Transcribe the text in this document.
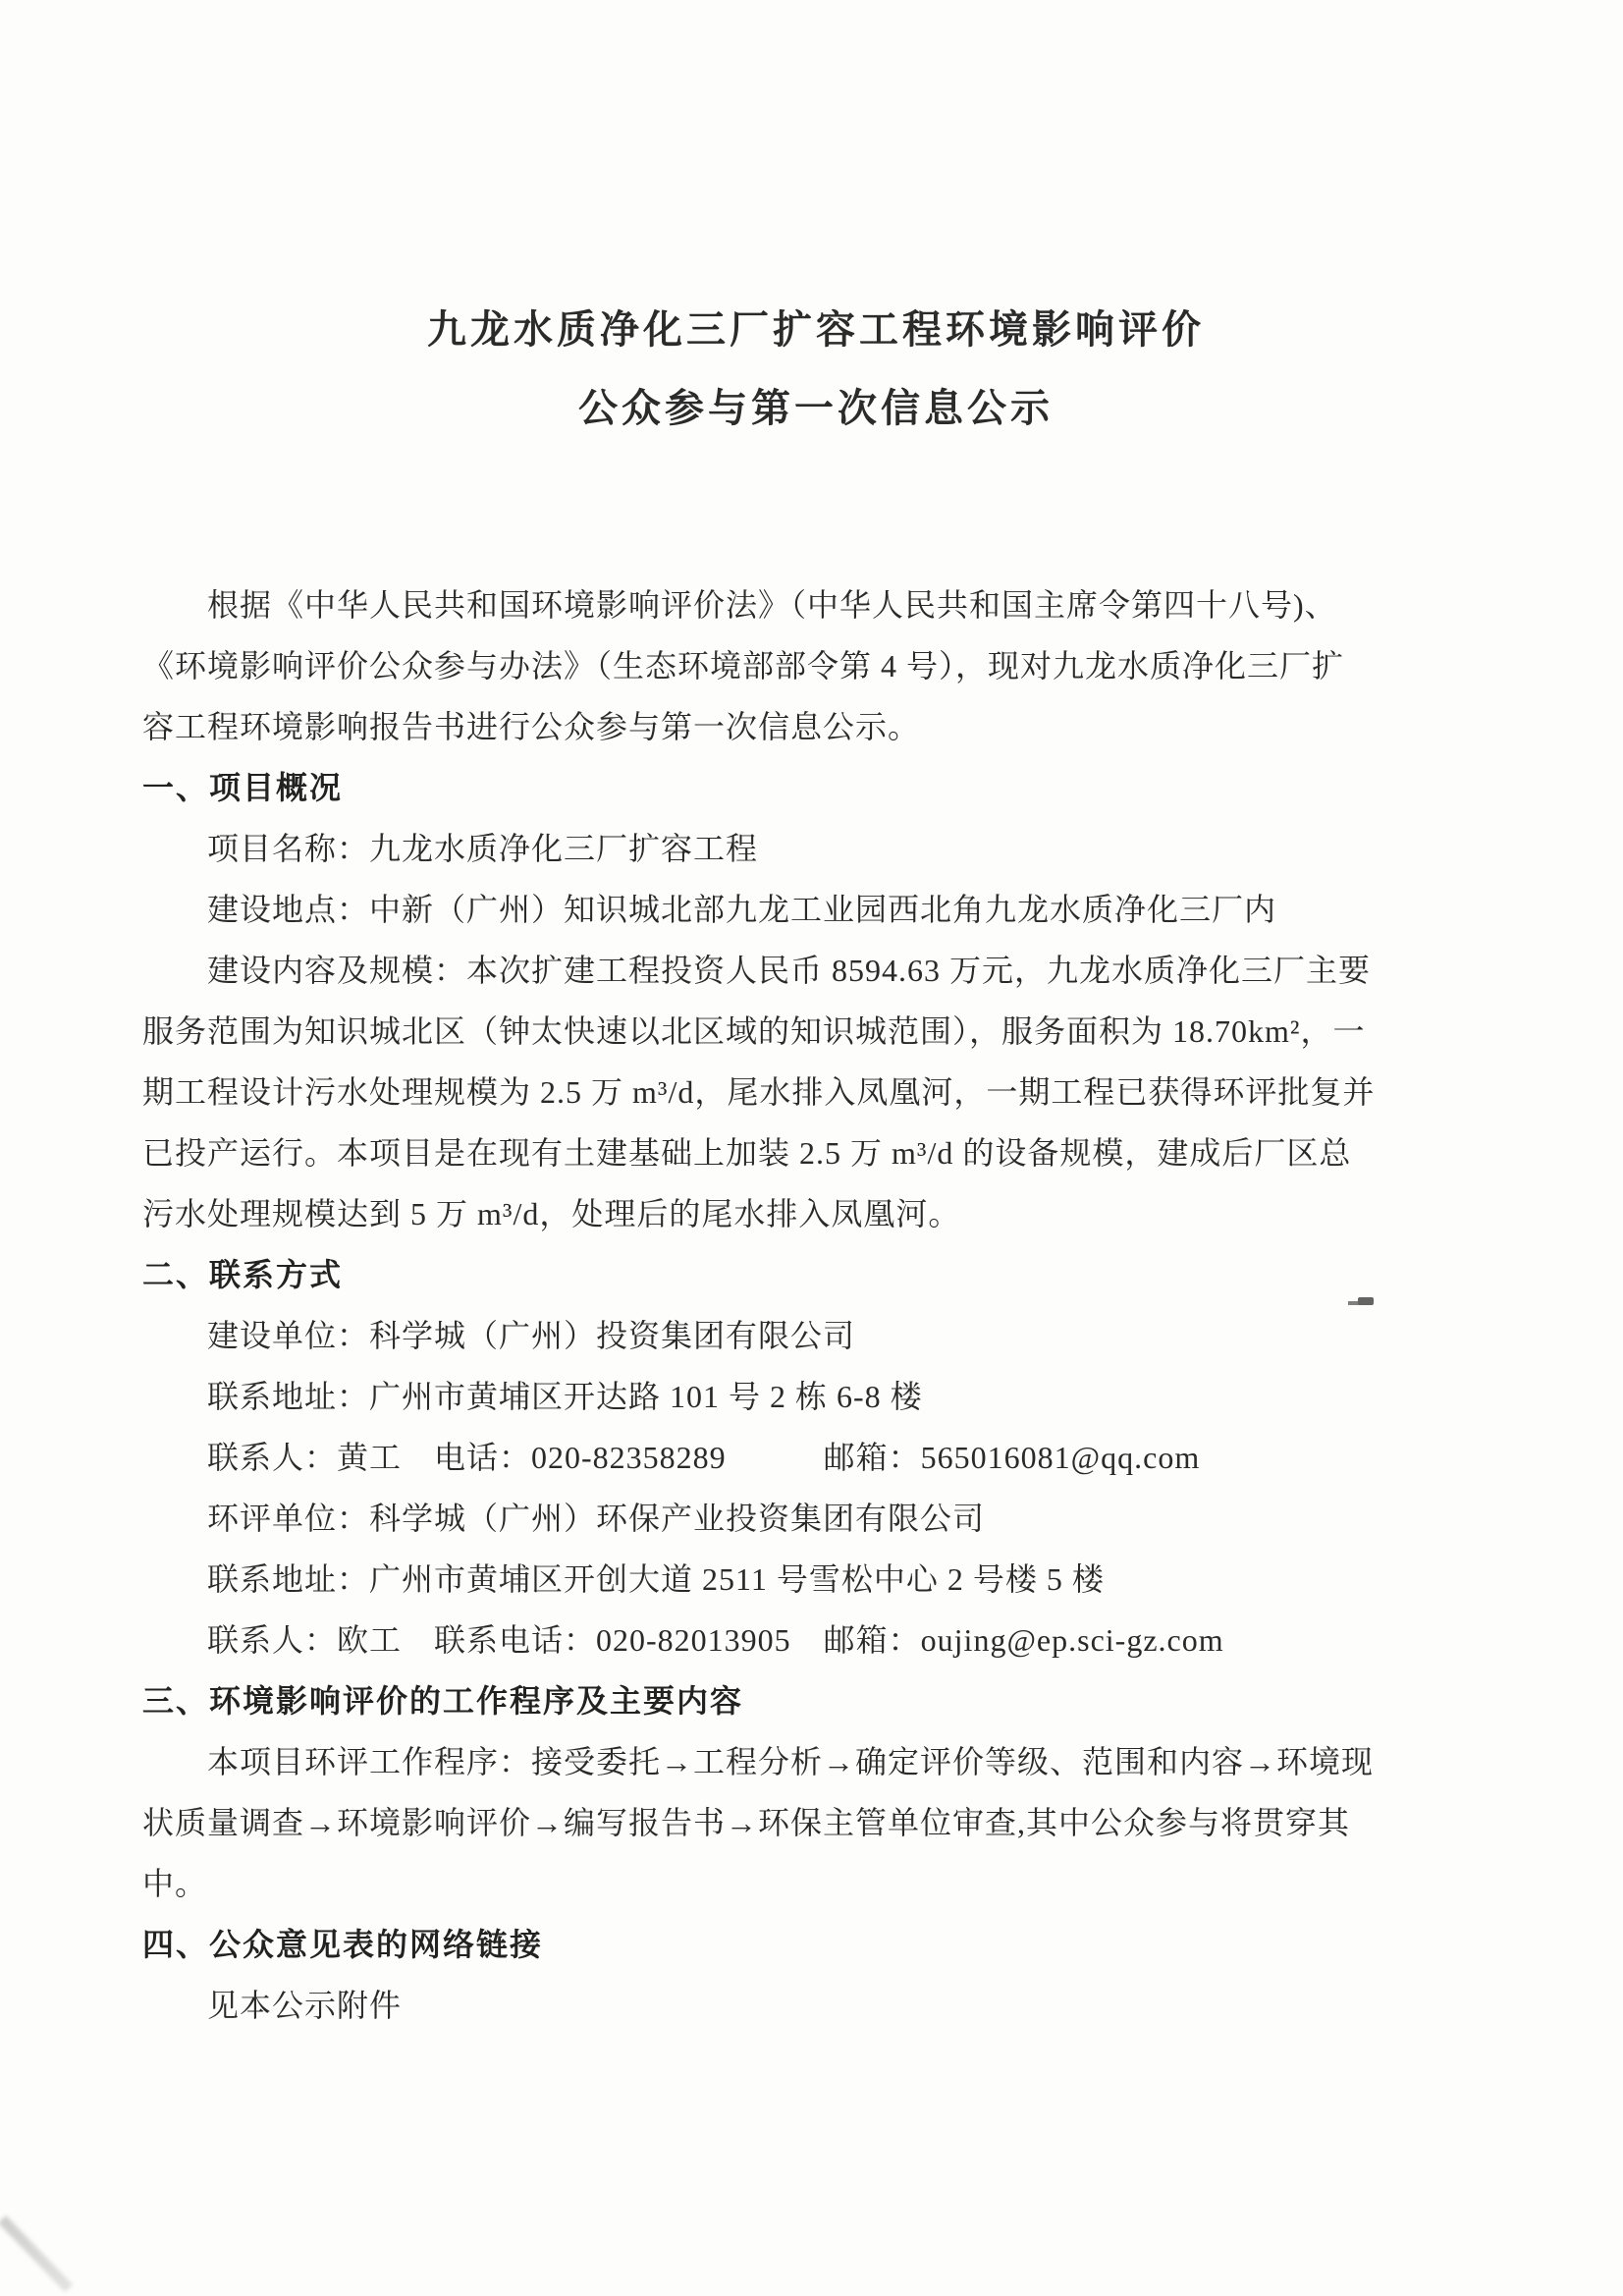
九龙水质净化三厂扩容工程环境影响评价
公众参与第一次信息公示
　　根据《中华人民共和国环境影响评价法》（中华人民共和国主席令第四十八号)、
《环境影响评价公众参与办法》（生态环境部部令第 4 号），现对九龙水质净化三厂扩
容工程环境影响报告书进行公众参与第一次信息公示。
一、项目概况
　　项目名称：九龙水质净化三厂扩容工程
　　建设地点：中新（广州）知识城北部九龙工业园西北角九龙水质净化三厂内
　　建设内容及规模：本次扩建工程投资人民币 8594.63 万元，九龙水质净化三厂主要
服务范围为知识城北区（钟太快速以北区域的知识城范围），服务面积为 18.70km²，一
期工程设计污水处理规模为 2.5 万 m³/d，尾水排入凤凰河，一期工程已获得环评批复并
已投产运行。本项目是在现有土建基础上加装 2.5 万 m³/d 的设备规模，建成后厂区总
污水处理规模达到 5 万 m³/d，处理后的尾水排入凤凰河。
二、联系方式
　　建设单位：科学城（广州）投资集团有限公司
　　联系地址：广州市黄埔区开达路 101 号 2 栋 6-8 楼
　　联系人：黄工　电话：020-82358289　　　邮箱：565016081@qq.com
　　环评单位：科学城（广州）环保产业投资集团有限公司
　　联系地址：广州市黄埔区开创大道 2511 号雪松中心 2 号楼 5 楼
　　联系人：欧工　联系电话：020-82013905　邮箱：oujing@ep.sci-gz.com
三、环境影响评价的工作程序及主要内容
　　本项目环评工作程序：接受委托→工程分析→确定评价等级、范围和内容→环境现
状质量调查→环境影响评价→编写报告书→环保主管单位审查,其中公众参与将贯穿其
中。
四、公众意见表的网络链接
　　见本公示附件
